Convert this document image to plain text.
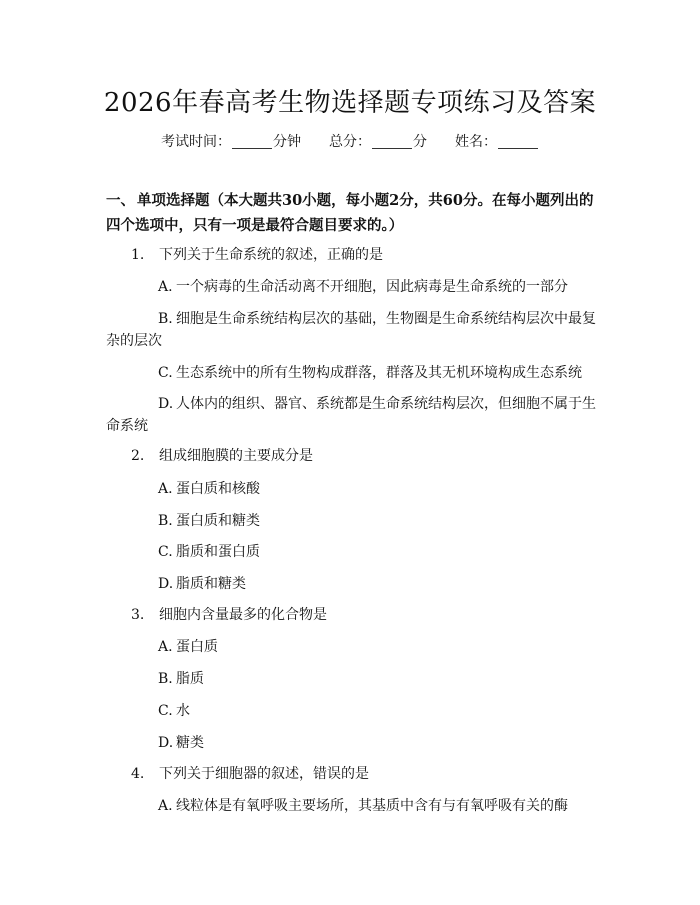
2026年春高考生物选择题专项练习及答案
考试时间：	分钟 总分：	分 姓名：
一、 单项选择题（本大题共30小题，每小题2分，共60分。在每小题列出的四个选项中，只有一项是最符合题目要求的。）
1. 下列关于生命系统的叙述，正确的是
A. 一个病毒的生命活动离不开细胞，因此病毒是生命系统的一部分
B. 细胞是生命系统结构层次的基础，生物圈是生命系统结构层次中最复
杂的层次
C. 生态系统中的所有生物构成群落，群落及其无机环境构成生态系统
D. 人体内的组织、器官、系统都是生命系统结构层次，但细胞不属于生
命系统
2. 组成细胞膜的主要成分是
A. 蛋白质和核酸
B. 蛋白质和糖类
C. 脂质和蛋白质
D. 脂质和糖类
3. 细胞内含量最多的化合物是
A. 蛋白质
B. 脂质
C. 水
D. 糖类
4. 下列关于细胞器的叙述，错误的是
A. 线粒体是有氧呼吸主要场所，其基质中含有与有氧呼吸有关的酶
